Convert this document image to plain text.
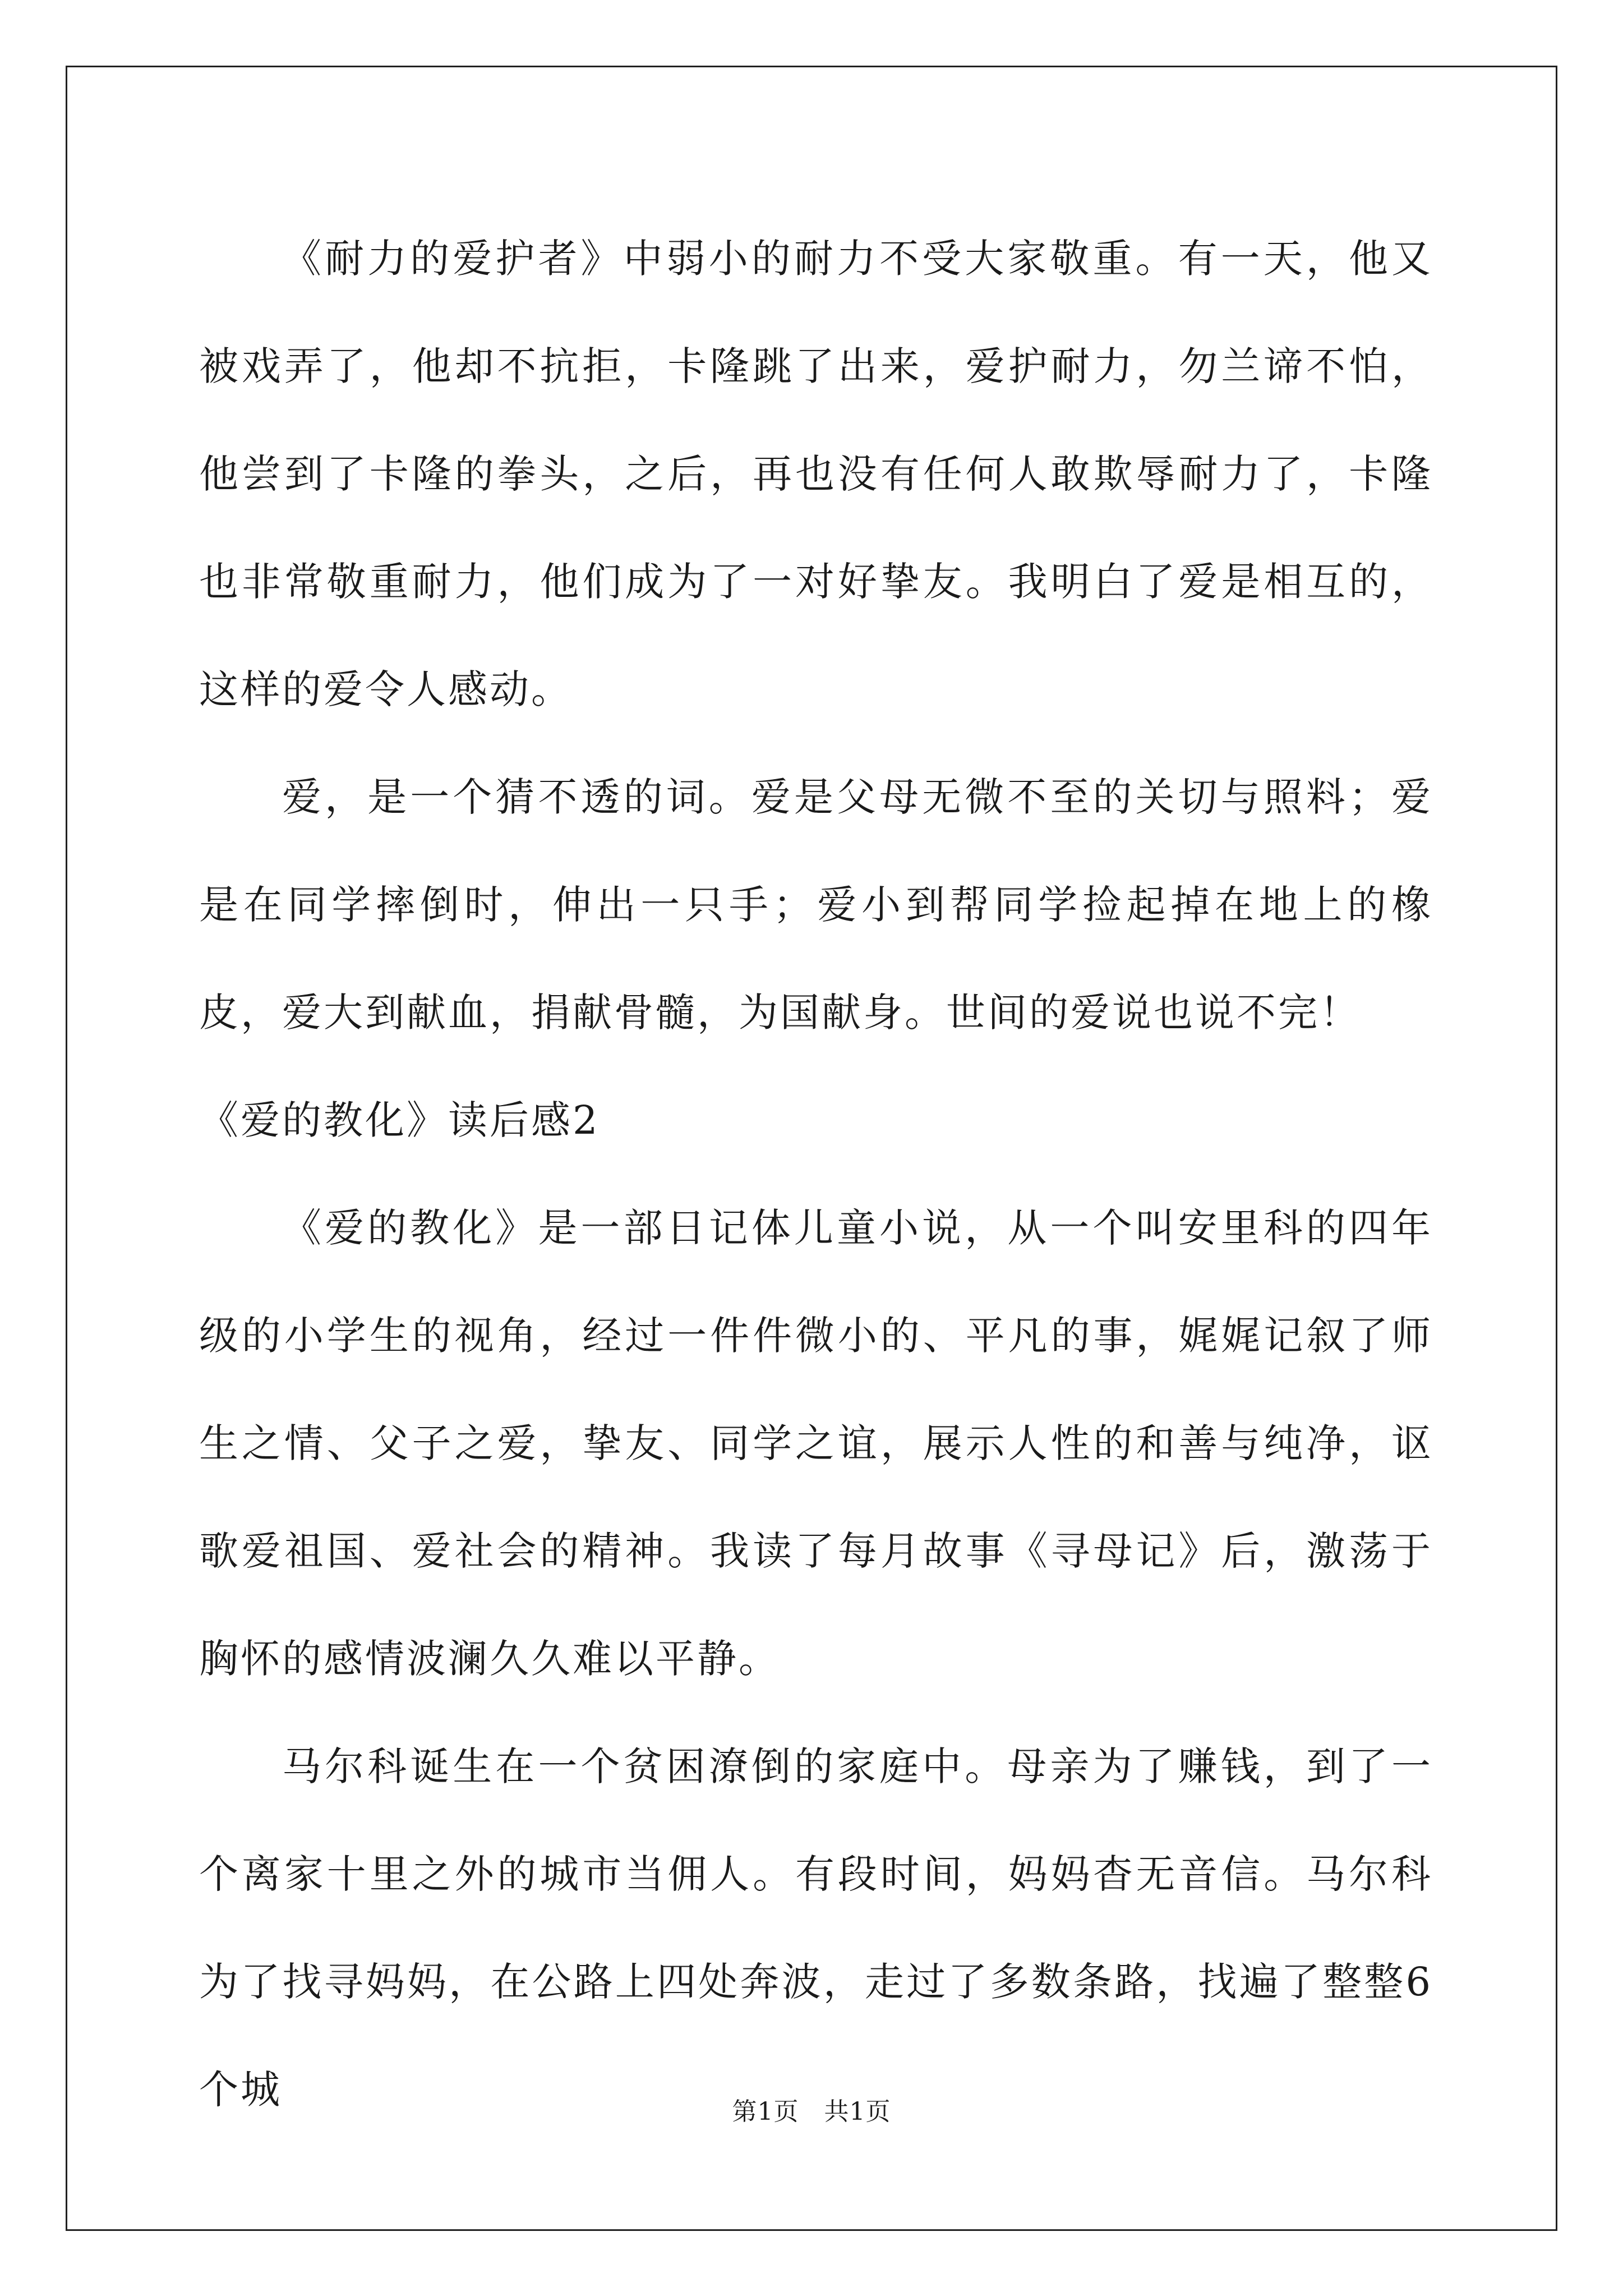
《耐力的爱护者》中弱小的耐力不受大家敬重。有一天，他又被戏弄了，他却不抗拒，卡隆跳了出来，爱护耐力，勿兰谛不怕，他尝到了卡隆的拳头，之后，再也没有任何人敢欺辱耐力了，卡隆也非常敬重耐力，他们成为了一对好挚友。我明白了爱是相互的，这样的爱令人感动。

爱，是一个猜不透的词。爱是父母无微不至的关切与照料；爱是在同学摔倒时，伸出一只手；爱小到帮同学捡起掉在地上的橡皮，爱大到献血，捐献骨髓，为国献身。世间的爱说也说不完！

《爱的教化》读后感2

《爱的教化》是一部日记体儿童小说，从一个叫安里科的四年级的小学生的视角，经过一件件微小的、平凡的事，娓娓记叙了师生之情、父子之爱，挚友、同学之谊，展示人性的和善与纯净，讴歌爱祖国、爱社会的精神。我读了每月故事《寻母记》后，激荡于胸怀的感情波澜久久难以平静。

马尔科诞生在一个贫困潦倒的家庭中。母亲为了赚钱，到了一个离家十里之外的城市当佣人。有段时间，妈妈杳无音信。马尔科为了找寻妈妈，在公路上四处奔波，走过了多数条路，找遍了整整6个城	第1页　共1页
